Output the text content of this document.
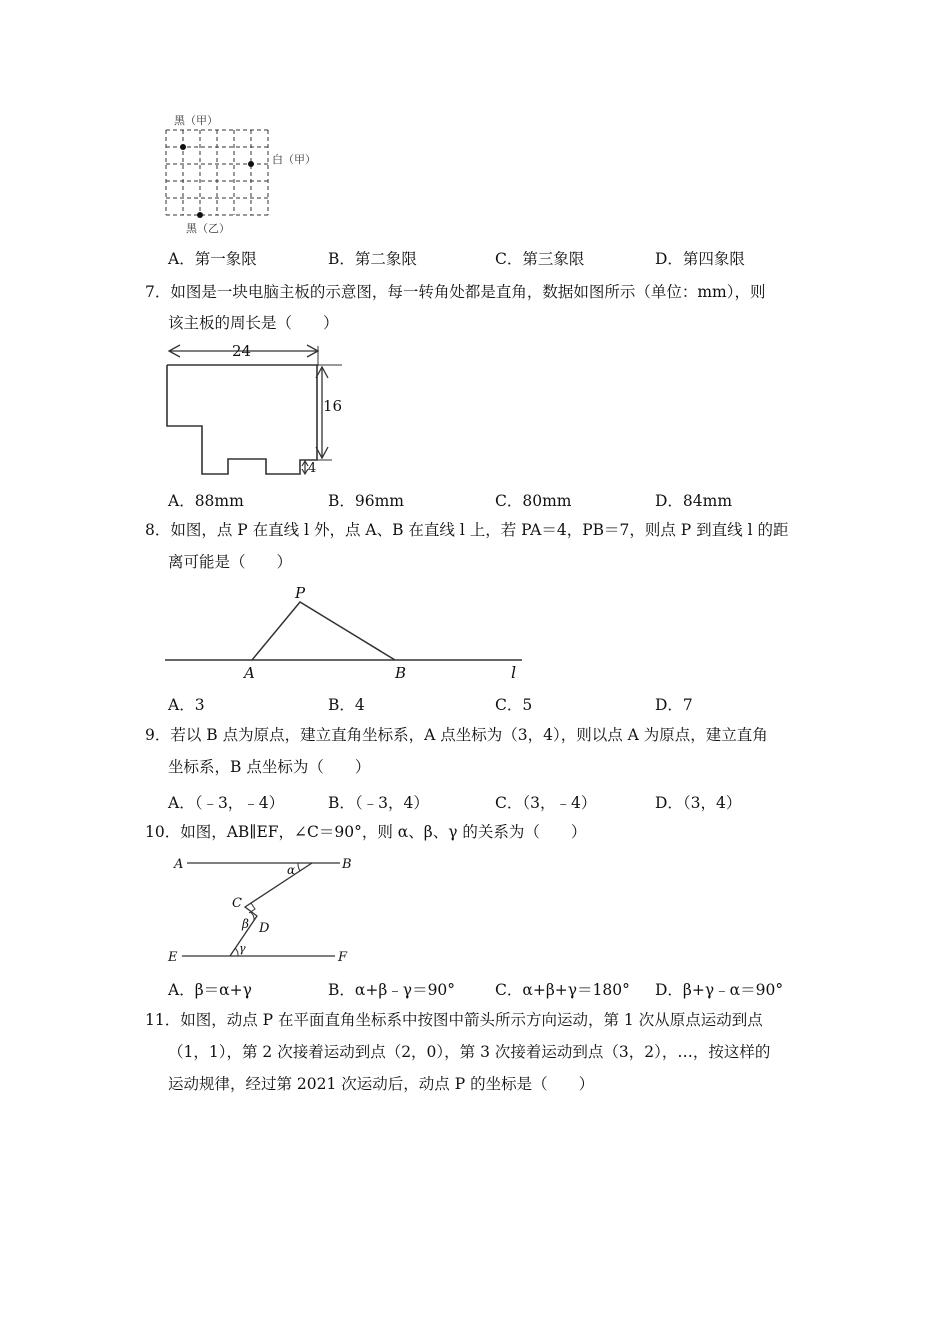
黑（甲）
白（甲）
黑（乙）
A．第一象限	B．第二象限	C．第三象限	D．第四象限
7．如图是一块电脑主板的示意图，每一转角处都是直角，数据如图所示（单位：mm），则
该主板的周长是（　　）
24
16
4
A．88mm	B．96mm	C．80mm	D．84mm
8．如图，点 P 在直线 l 外，点 A、B 在直线 l 上，若 PA＝4，PB＝7，则点 P 到直线 l 的距
离可能是（　　）
P
A	B	l
A．3	B．4	C．5	D．7
9．若以 B 点为原点，建立直角坐标系，A 点坐标为（3，4），则以点 A 为原点，建立直角
坐标系，B 点坐标为（　　）
A．（﹣3，﹣4）	B．（﹣3，4）	C．（3，﹣4）	D．（3，4）
10．如图，AB∥EF，∠C＝90°，则 α、β、γ 的关系为（　　）
A	B
C
D
E	F
α
β
γ
A．β＝α+γ	B．α+β﹣γ＝90°	C．α+β+γ＝180° D．β+γ﹣α＝90°
11．如图，动点 P 在平面直角坐标系中按图中箭头所示方向运动，第 1 次从原点运动到点
（1，1），第 2 次接着运动到点（2，0），第 3 次接着运动到点（3，2），…，按这样的
运动规律，经过第 2021 次运动后，动点 P 的坐标是（　　）
